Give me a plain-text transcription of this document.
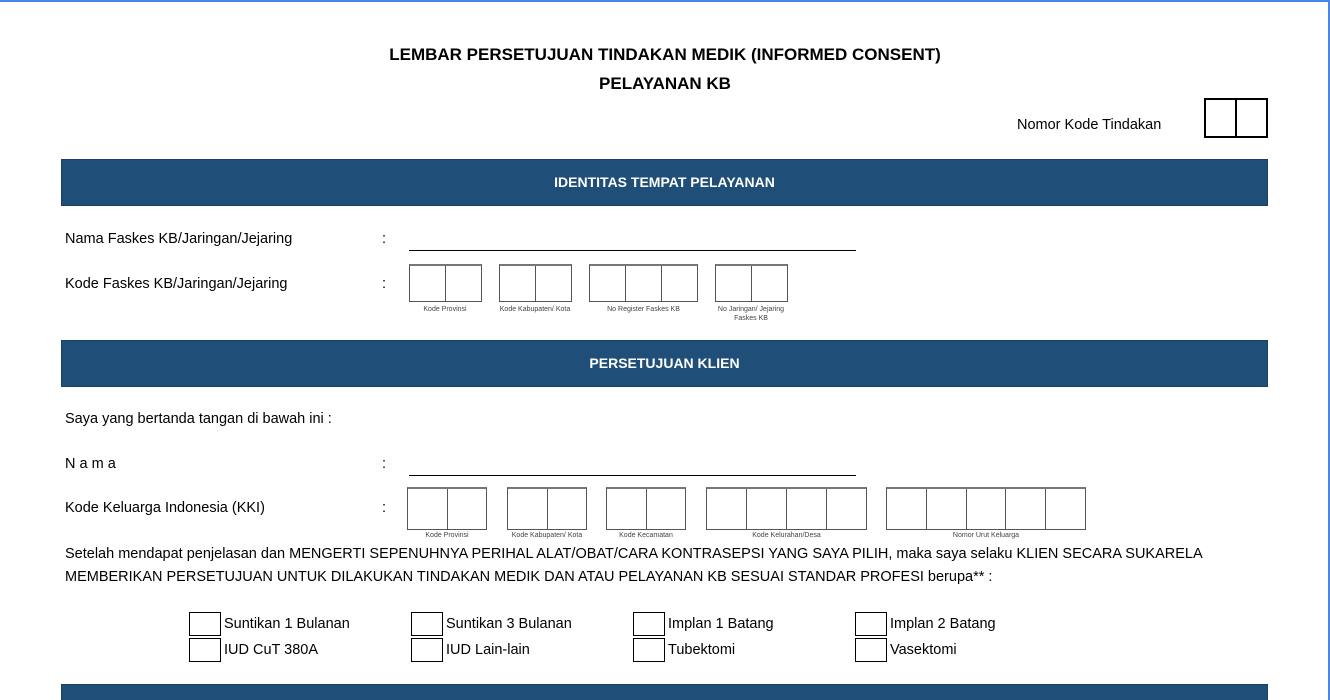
LEMBAR PERSETUJUAN TINDAKAN MEDIK (INFORMED CONSENT)
PELAYANAN KB
Nomor Kode Tindakan
IDENTITAS TEMPAT PELAYANAN
Nama Faskes KB/Jaringan/Jejaring	:
Kode Faskes KB/Jaringan/Jejaring	:
Kode Provinsi	Kode Kabupaten/ Kota	No Register Faskes KB	No Jaringan/ Jejaring Faskes KB
PERSETUJUAN KLIEN
Saya yang bertanda tangan di bawah ini :
N a m a	:
Kode Keluarga Indonesia (KKI)	:
Kode Provinsi	Kode Kabupaten/ Kota	Kode Kecamatan	Kode Kelurahan/Desa	Nomor Urut Keluarga
Setelah mendapat penjelasan dan MENGERTI SEPENUHNYA PERIHAL ALAT/OBAT/CARA KONTRASEPSI YANG SAYA PILIH, maka saya selaku KLIEN SECARA SUKARELA
MEMBERIKAN PERSETUJUAN UNTUK DILAKUKAN TINDAKAN MEDIK DAN ATAU PELAYANAN KB SESUAI STANDAR PROFESI berupa** :
Suntikan 1 Bulanan	Suntikan 3 Bulanan	Implan 1 Batang	Implan 2 Batang
IUD CuT 380A	IUD Lain-lain	Tubektomi	Vasektomi
